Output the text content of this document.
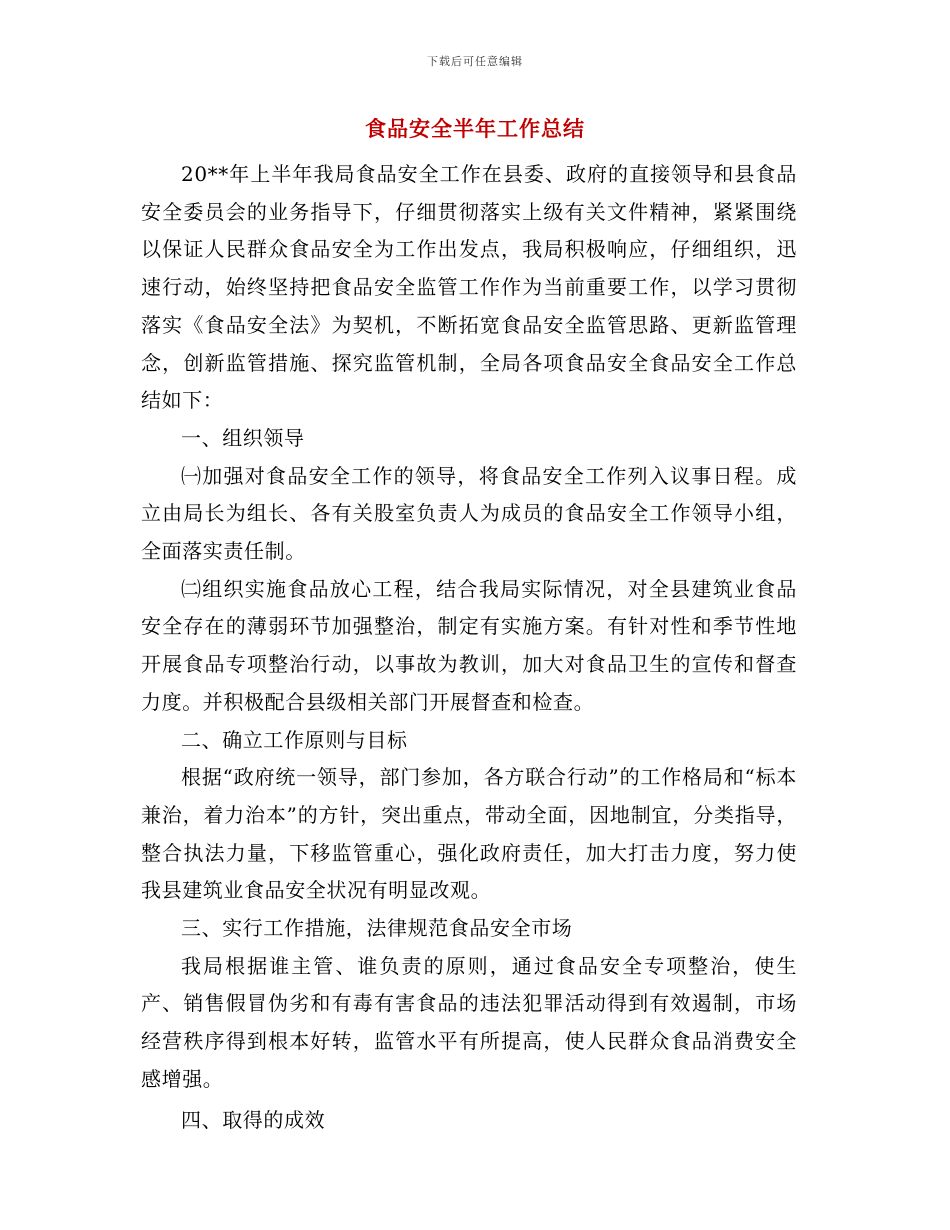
下载后可任意编辑
食品安全半年工作总结

20**年上半年我局食品安全工作在县委、政府的直接领导和县食品安全委员会的业务指导下，仔细贯彻落实上级有关文件精神，紧紧围绕以保证人民群众食品安全为工作出发点，我局积极响应，仔细组织，迅速行动，始终坚持把食品安全监管工作作为当前重要工作，以学习贯彻落实《食品安全法》为契机，不断拓宽食品安全监管思路、更新监管理念，创新监管措施、探究监管机制，全局各项食品安全食品安全工作总结如下：

一、组织领导

㈠加强对食品安全工作的领导，将食品安全工作列入议事日程。成立由局长为组长、各有关股室负责人为成员的食品安全工作领导小组，全面落实责任制。

㈡组织实施食品放心工程，结合我局实际情况，对全县建筑业食品安全存在的薄弱环节加强整治，制定有实施方案。有针对性和季节性地开展食品专项整治行动，以事故为教训，加大对食品卫生的宣传和督查力度。并积极配合县级相关部门开展督查和检查。

二、确立工作原则与目标

根据“政府统一领导，部门参加，各方联合行动”的工作格局和“标本兼治，着力治本”的方针，突出重点，带动全面，因地制宜，分类指导，整合执法力量，下移监管重心，强化政府责任，加大打击力度，努力使我县建筑业食品安全状况有明显改观。

三、实行工作措施，法律规范食品安全市场

我局根据谁主管、谁负责的原则，通过食品安全专项整治，使生产、销售假冒伪劣和有毒有害食品的违法犯罪活动得到有效遏制，市场经营秩序得到根本好转，监管水平有所提高，使人民群众食品消费安全感增强。

四、取得的成效
